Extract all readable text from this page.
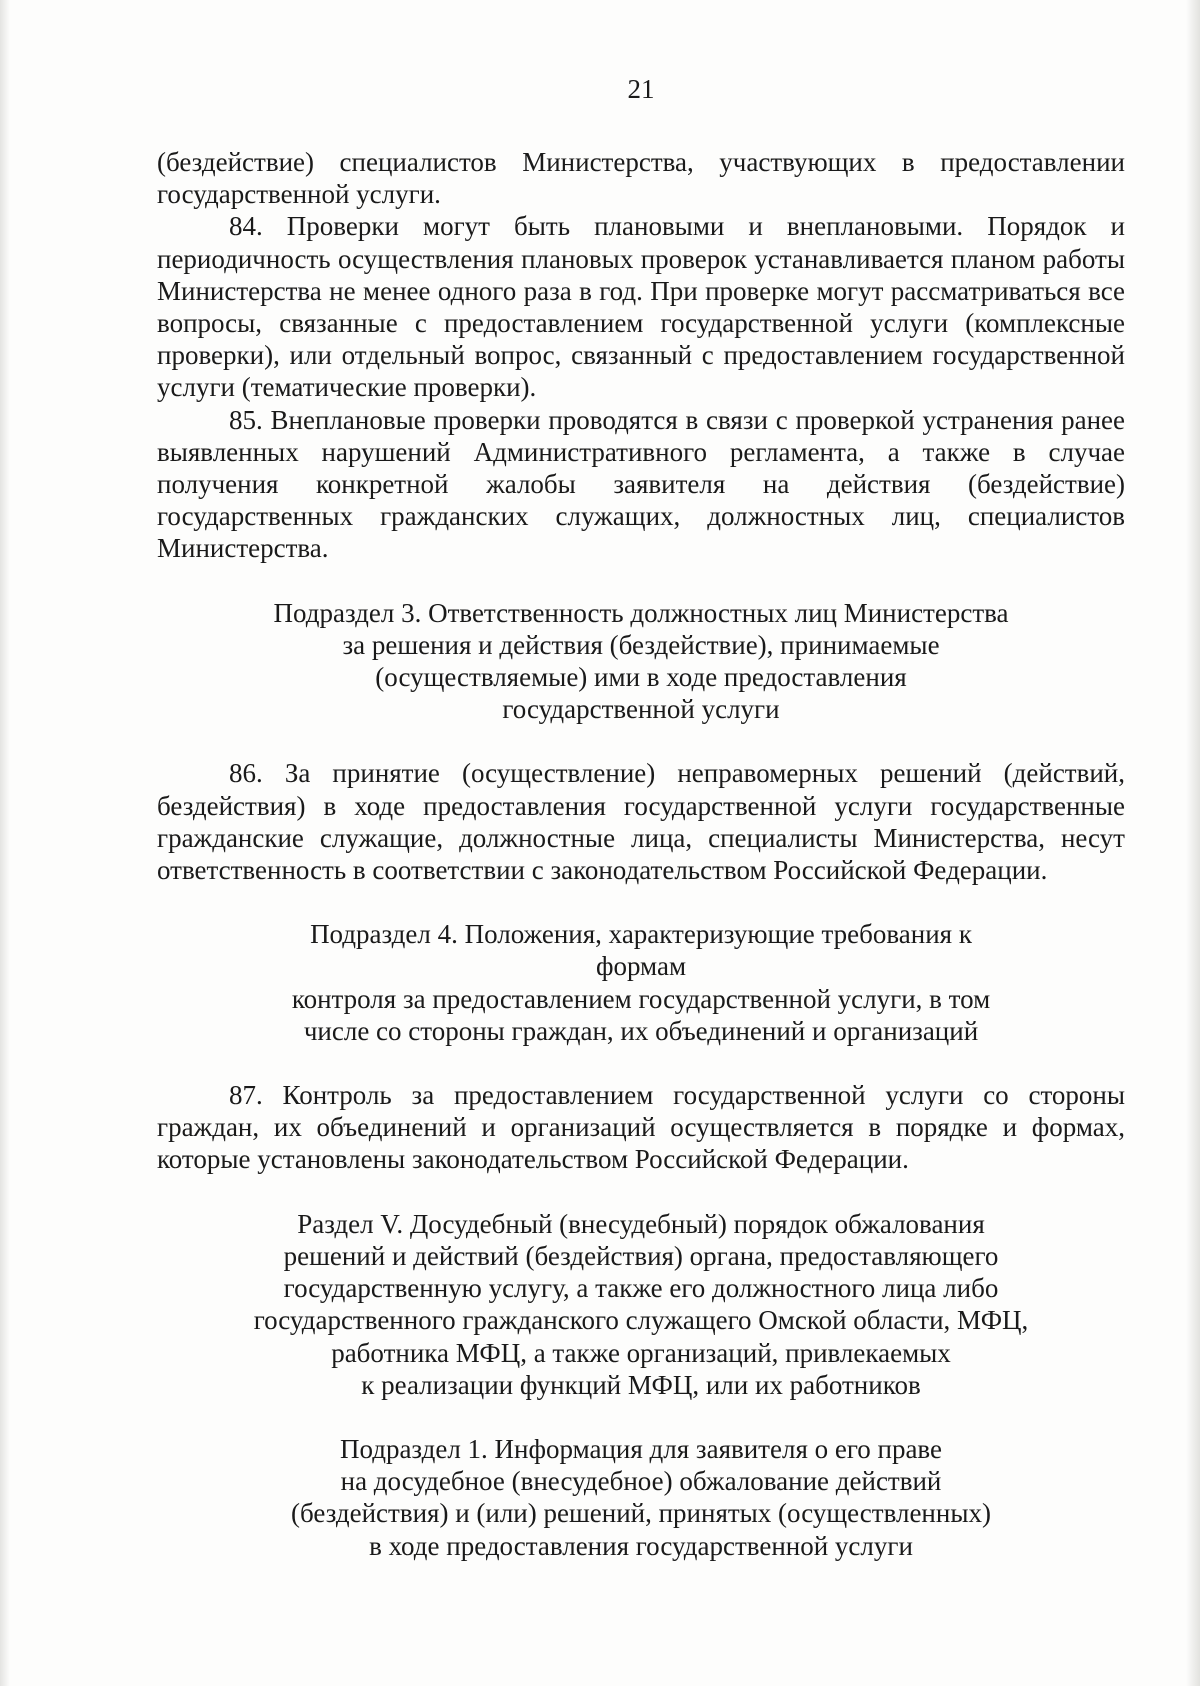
21

(бездействие) специалистов Министерства, участвующих в предоставлении государственной услуги.

84. Проверки могут быть плановыми и внеплановыми. Порядок и периодичность осуществления плановых проверок устанавливается планом работы Министерства не менее одного раза в год. При проверке могут рассматриваться все вопросы, связанные с предоставлением государственной услуги (комплексные проверки), или отдельный вопрос, связанный с предоставлением государственной услуги (тематические проверки).

85. Внеплановые проверки проводятся в связи с проверкой устранения ранее выявленных нарушений Административного регламента, а также в случае получения конкретной жалобы заявителя на действия (бездействие) государственных гражданских служащих, должностных лиц, специалистов Министерства.

Подраздел 3. Ответственность должностных лиц Министерства
за решения и действия (бездействие), принимаемые
(осуществляемые) ими в ходе предоставления
государственной услуги

86. За принятие (осуществление) неправомерных решений (действий, бездействия) в ходе предоставления государственной услуги государственные гражданские служащие, должностные лица, специалисты Министерства, несут ответственность в соответствии с законодательством Российской Федерации.

Подраздел 4. Положения, характеризующие требования к формам
контроля за предоставлением государственной услуги, в том
числе со стороны граждан, их объединений и организаций

87. Контроль за предоставлением государственной услуги со стороны граждан, их объединений и организаций осуществляется в порядке и формах, которые установлены законодательством Российской Федерации.

Раздел V. Досудебный (внесудебный) порядок обжалования
решений и действий (бездействия) органа, предоставляющего
государственную услугу, а также его должностного лица либо
государственного гражданского служащего Омской области, МФЦ,
работника МФЦ, а также организаций, привлекаемых
к реализации функций МФЦ, или их работников
Подраздел 1. Информация для заявителя о его праве
на досудебное (внесудебное) обжалование действий
(бездействия) и (или) решений, принятых (осуществленных)
в ходе предоставления государственной услуги
